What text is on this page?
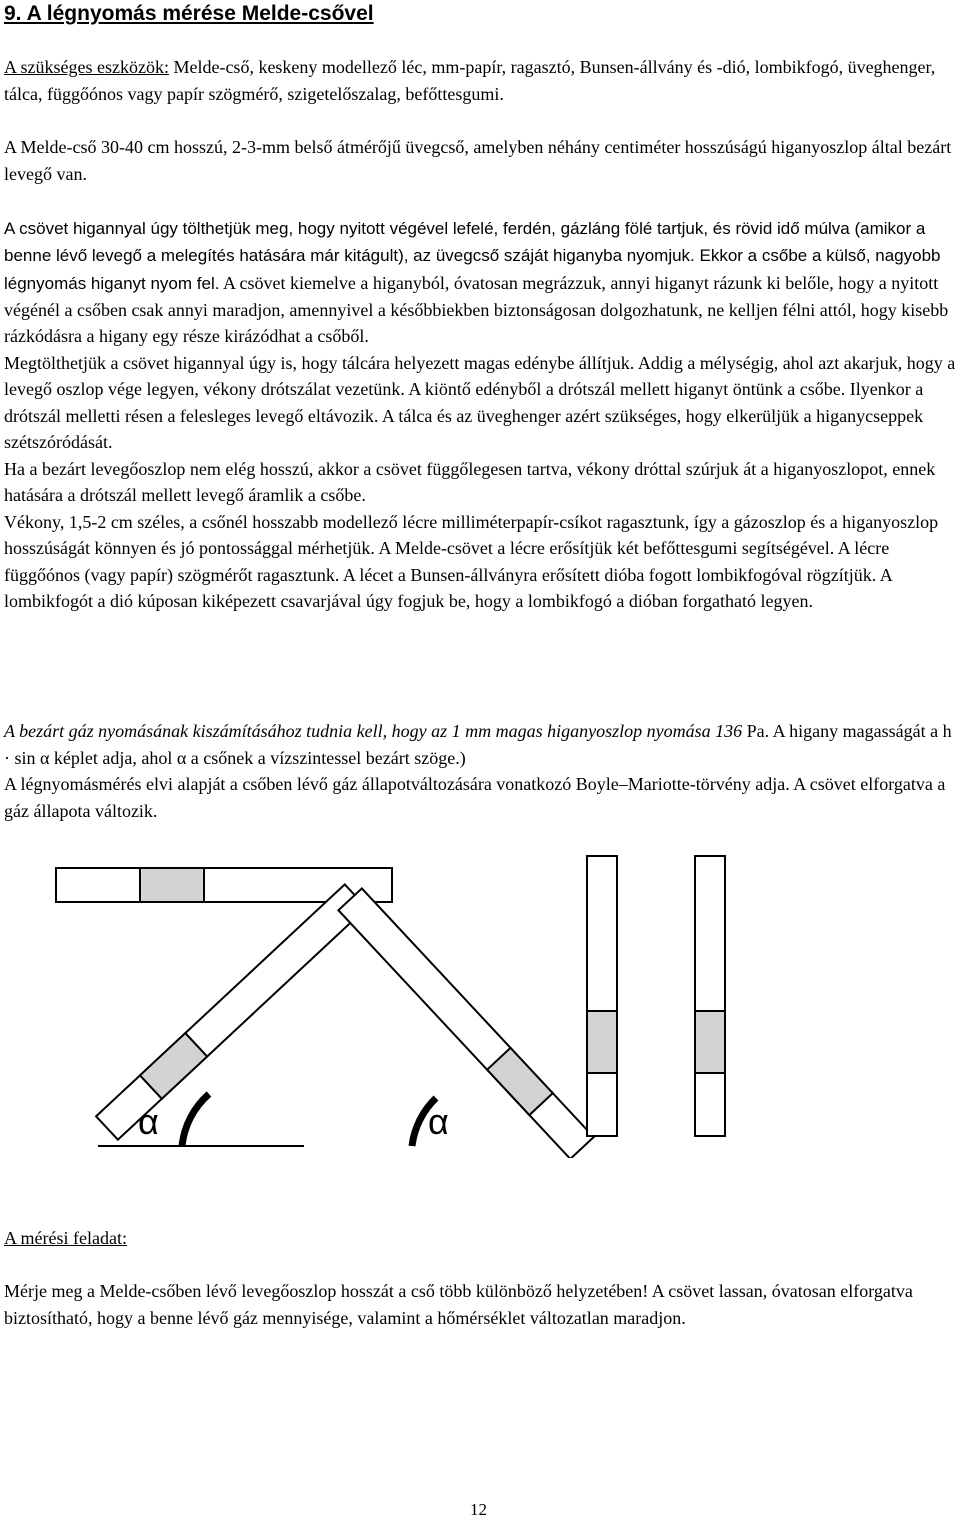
9. A légnyomás mérése Melde-csővel

A szükséges eszközök: Melde-cső, keskeny modellező léc, mm-papír, ragasztó, Bunsen-állvány és -dió, lombikfogó, üveghenger, tálca, függőónos vagy papír szögmérő, szigetelőszalag, befőttesgumi.

A Melde-cső 30-40 cm hosszú, 2-3-mm belső átmérőjű üvegcső, amelyben néhány centiméter hosszúságú higanyoszlop által bezárt levegő van.

A csövet higannyal úgy tölthetjük meg, hogy nyitott végével lefelé, ferdén, gázláng fölé tartjuk, és rövid idő múlva (amikor a benne lévő levegő a melegítés hatására már kitágult), az üvegcső száját higanyba nyomjuk. Ekkor a csőbe a külső, nagyobb légnyomás higanyt nyom fel. A csövet kiemelve a higanyból, óvatosan megrázzuk, annyi higanyt rázunk ki belőle, hogy a nyitott végénél a csőben csak annyi maradjon, amennyivel a későbbiekben biztonságosan dolgozhatunk, ne kelljen félni attól, hogy kisebb rázkódásra a higany egy része kirázódhat a csőből.
Megtölthetjük a csövet higannyal úgy is, hogy tálcára helyezett magas edénybe állítjuk. Addig a mélységig, ahol azt akarjuk, hogy a levegő oszlop vége legyen, vékony drótszálat vezetünk. A kiöntő edényből a drótszál mellett higanyt öntünk a csőbe. Ilyenkor a drótszál melletti résen a felesleges levegő eltávozik. A tálca és az üveghenger azért szükséges, hogy elkerüljük a higanycseppek szétszóródását.
Ha a bezárt levegőoszlop nem elég hosszú, akkor a csövet függőlegesen tartva, vékony dróttal szúrjuk át a higanyoszlopot, ennek hatására a drótszál mellett levegő áramlik a csőbe.
Vékony, 1,5-2 cm széles, a csőnél hosszabb modellező lécre milliméterpapír-csíkot ragasztunk, így a gázoszlop és a higanyoszlop hosszúságát könnyen és jó pontossággal mérhetjük. A Melde-csövet a lécre erősítjük két befőttesgumi segítségével. A lécre függőónos (vagy papír) szögmérőt ragasztunk. A lécet a Bunsen-állványra erősített dióba fogott lombikfogóval rögzítjük. A lombikfogót a dió kúposan kiképezett csavarjával úgy fogjuk be, hogy a lombikfogó a dióban forgatható legyen.

A bezárt gáz nyomásának kiszámításához tudnia kell, hogy az 1 mm magas higanyoszlop nyomása 136 Pa. A higany magasságát a h · sin α képlet adja, ahol α a csőnek a vízszintessel bezárt szöge.)
A légnyomásmérés elvi alapját a csőben lévő gáz állapotváltozására vonatkozó Boyle–Mariotte-törvény adja. A csövet elforgatva a gáz állapota változik.

α	α

A mérési feladat:

Mérje meg a Melde-csőben lévő levegőoszlop hosszát a cső több különböző helyzetében! A csövet lassan, óvatosan elforgatva biztosítható, hogy a benne lévő gáz mennyisége, valamint a hőmérséklet változatlan maradjon.

12
